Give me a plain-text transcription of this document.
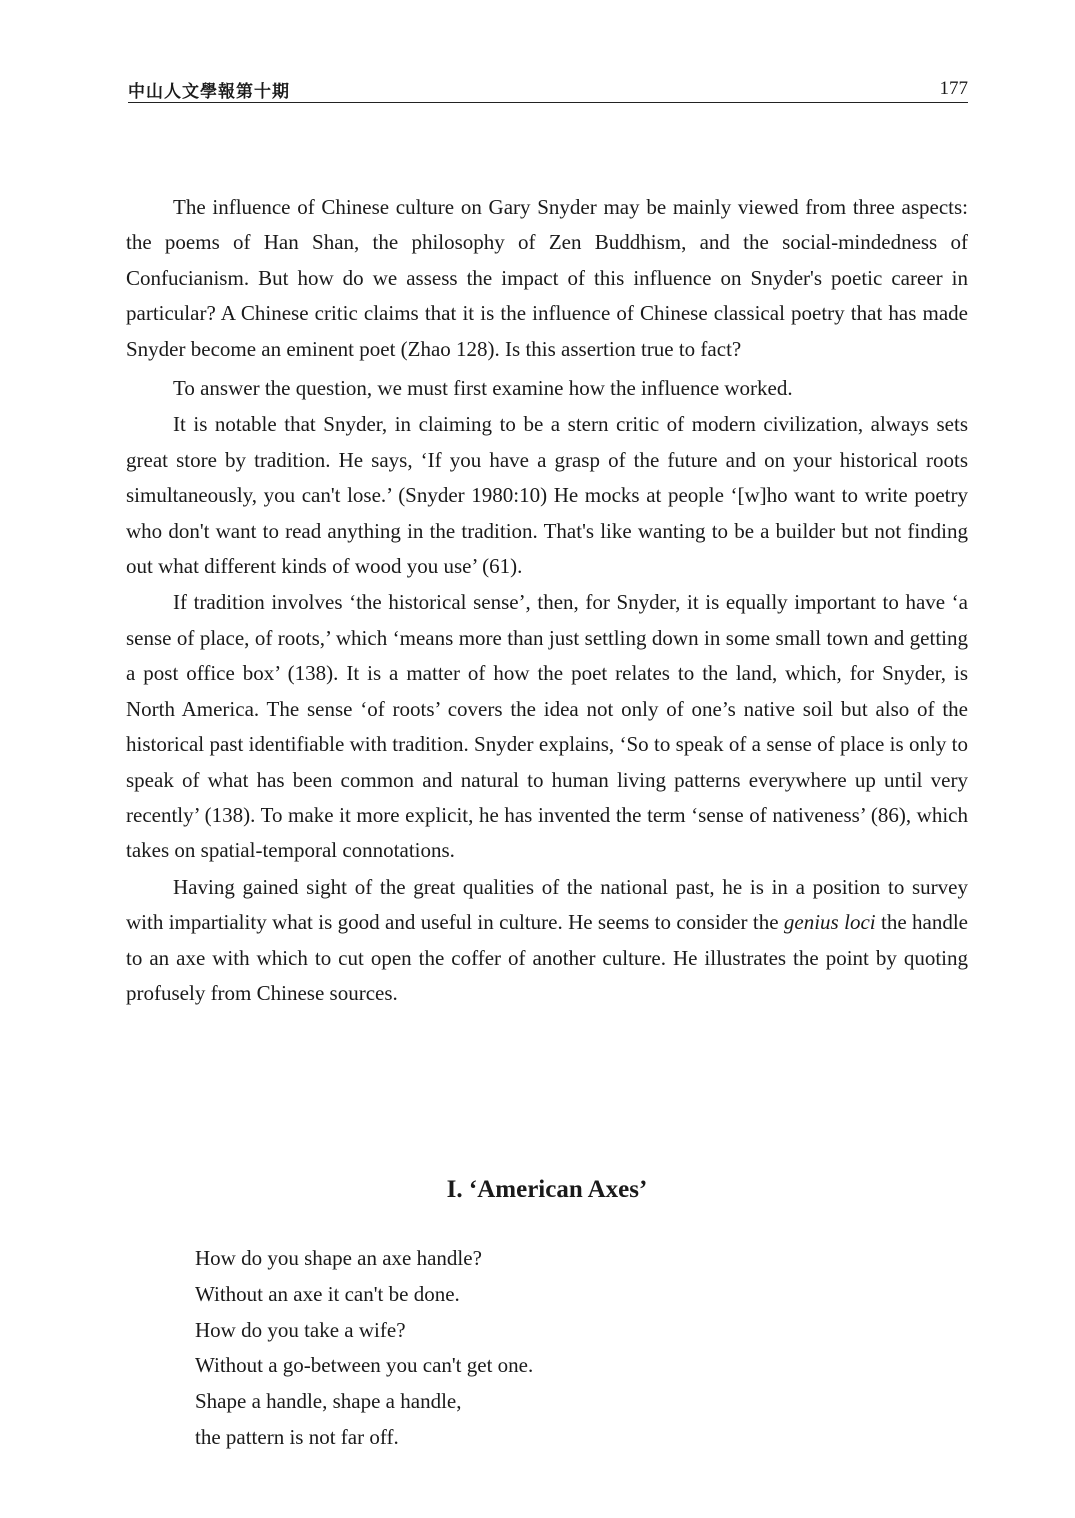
中山人文學報第十期	177

The influence of Chinese culture on Gary Snyder may be mainly viewed from three aspects: the poems of Han Shan, the philosophy of Zen Buddhism, and the social-mindedness of Confucianism. But how do we assess the impact of this influence on Snyder's poetic career in particular? A Chinese critic claims that it is the influence of Chinese classical poetry that has made Snyder become an eminent poet (Zhao 128). Is this assertion true to fact?

To answer the question, we must first examine how the influence worked.

It is notable that Snyder, in claiming to be a stern critic of modern civilization, always sets great store by tradition. He says, ‘If you have a grasp of the future and on your historical roots simultaneously, you can't lose.’ (Snyder 1980:10) He mocks at people ‘[w]ho want to write poetry who don't want to read anything in the tradition. That's like wanting to be a builder but not finding out what different kinds of wood you use’ (61).

If tradition involves ‘the historical sense’, then, for Snyder, it is equally important to have ‘a sense of place, of roots,’ which ‘means more than just settling down in some small town and getting a post office box’ (138). It is a matter of how the poet relates to the land, which, for Snyder, is North America. The sense ‘of roots’ covers the idea not only of one’s native soil but also of the historical past identifiable with tradition. Snyder explains, ‘So to speak of a sense of place is only to speak of what has been common and natural to human living patterns everywhere up until very recently’ (138). To make it more explicit, he has invented the term ‘sense of nativeness’ (86), which takes on spatial-temporal connotations.

Having gained sight of the great qualities of the national past, he is in a position to survey with impartiality what is good and useful in culture. He seems to consider the genius loci the handle to an axe with which to cut open the coffer of another culture. He illustrates the point by quoting profusely from Chinese sources.

I. ‘American Axes’
How do you shape an axe handle?
Without an axe it can't be done.
How do you take a wife?
Without a go-between you can't get one.
Shape a handle, shape a handle,
the pattern is not far off.
